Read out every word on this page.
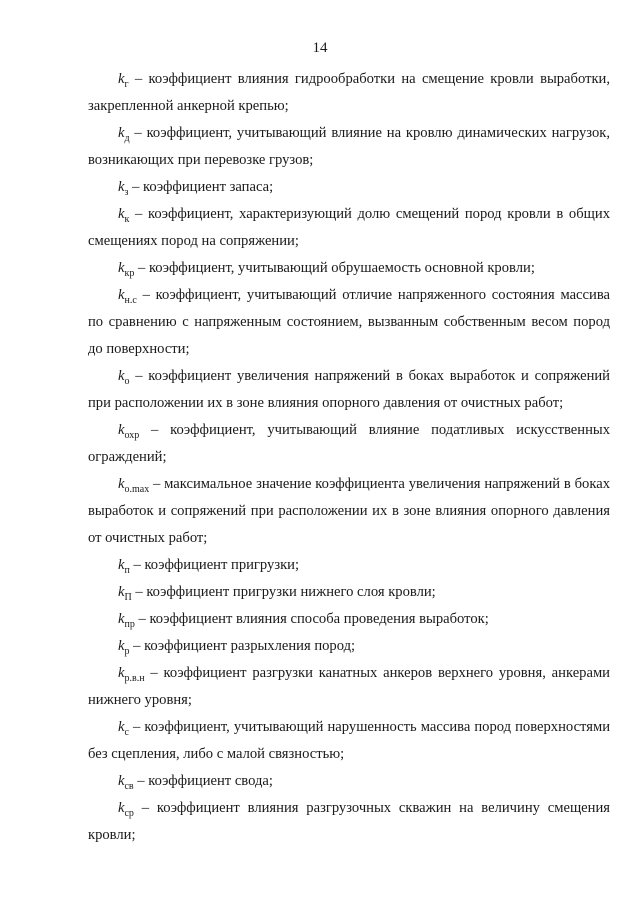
14

$k_г$ – коэффициент влияния гидрообработки на смещение кровли выработки, закрепленной анкерной крепью;

$k_д$ – коэффициент, учитывающий влияние на кровлю динамических нагрузок, возникающих при перевозке грузов;

$k_з$ – коэффициент запаса;

$k_к$ – коэффициент, характеризующий долю смещений пород кровли в общих смещениях пород на сопряжении;

$k_{кр}$ – коэффициент, учитывающий обрушаемость основной кровли;

$k_{н.с}$ – коэффициент, учитывающий отличие напряженного состояния массива по сравнению с напряженным состоянием, вызванным собственным весом пород до поверхности;

$k_о$ – коэффициент увеличения напряжений в боках выработок и сопряжений при расположении их в зоне влияния опорного давления от очистных работ;

$k_{охр}$ – коэффициент, учитывающий влияние податливых искусственных ограждений;

$k_{о.max}$ – максимальное значение коэффициента увеличения напряжений в боках выработок и сопряжений при расположении их в зоне влияния опорного давления от очистных работ;

$k_п$ – коэффициент пригрузки;

$k_П$ – коэффициент пригрузки нижнего слоя кровли;

$k_{пр}$ – коэффициент влияния способа проведения выработок;

$k_р$ – коэффициент разрыхления пород;

$k_{р.в.н}$ – коэффициент разгрузки канатных анкеров верхнего уровня, анкерами нижнего уровня;

$k_с$ – коэффициент, учитывающий нарушенность массива пород поверхностями без сцепления, либо с малой связностью;

$k_{св}$ – коэффициент свода;

$k_{ср}$ – коэффициент влияния разгрузочных скважин на величину смещения кровли;
